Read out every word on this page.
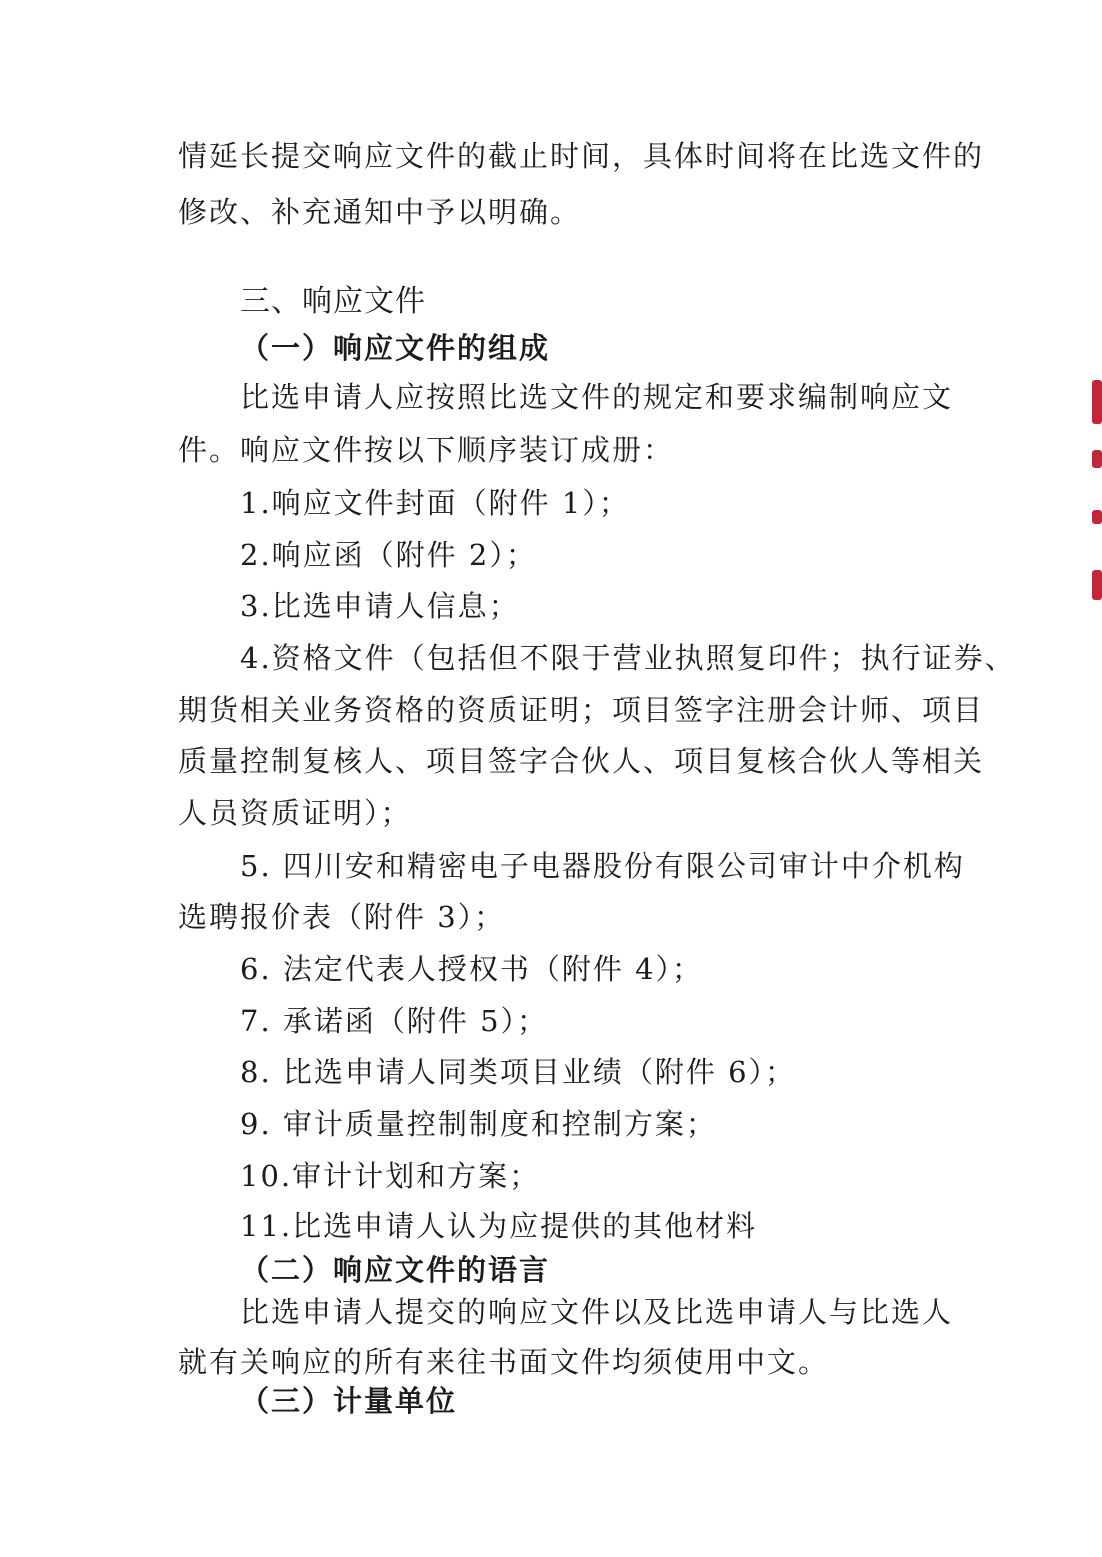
情延长提交响应文件的截止时间，具体时间将在比选文件的
修改、补充通知中予以明确。
三、响应文件
（一）响应文件的组成
比选申请人应按照比选文件的规定和要求编制响应文
件。响应文件按以下顺序装订成册：
1.响应文件封面（附件 1）；
2.响应函（附件 2）；
3.比选申请人信息；
4.资格文件（包括但不限于营业执照复印件；执行证券、
期货相关业务资格的资质证明；项目签字注册会计师、项目
质量控制复核人、项目签字合伙人、项目复核合伙人等相关
人员资质证明）；
5. 四川安和精密电子电器股份有限公司审计中介机构
选聘报价表（附件 3）；
6. 法定代表人授权书（附件 4）；
7. 承诺函（附件 5）；
8. 比选申请人同类项目业绩（附件 6）；
9. 审计质量控制制度和控制方案；
10.审计计划和方案；
11.比选申请人认为应提供的其他材料
（二）响应文件的语言
比选申请人提交的响应文件以及比选申请人与比选人
就有关响应的所有来往书面文件均须使用中文。
（三）计量单位
